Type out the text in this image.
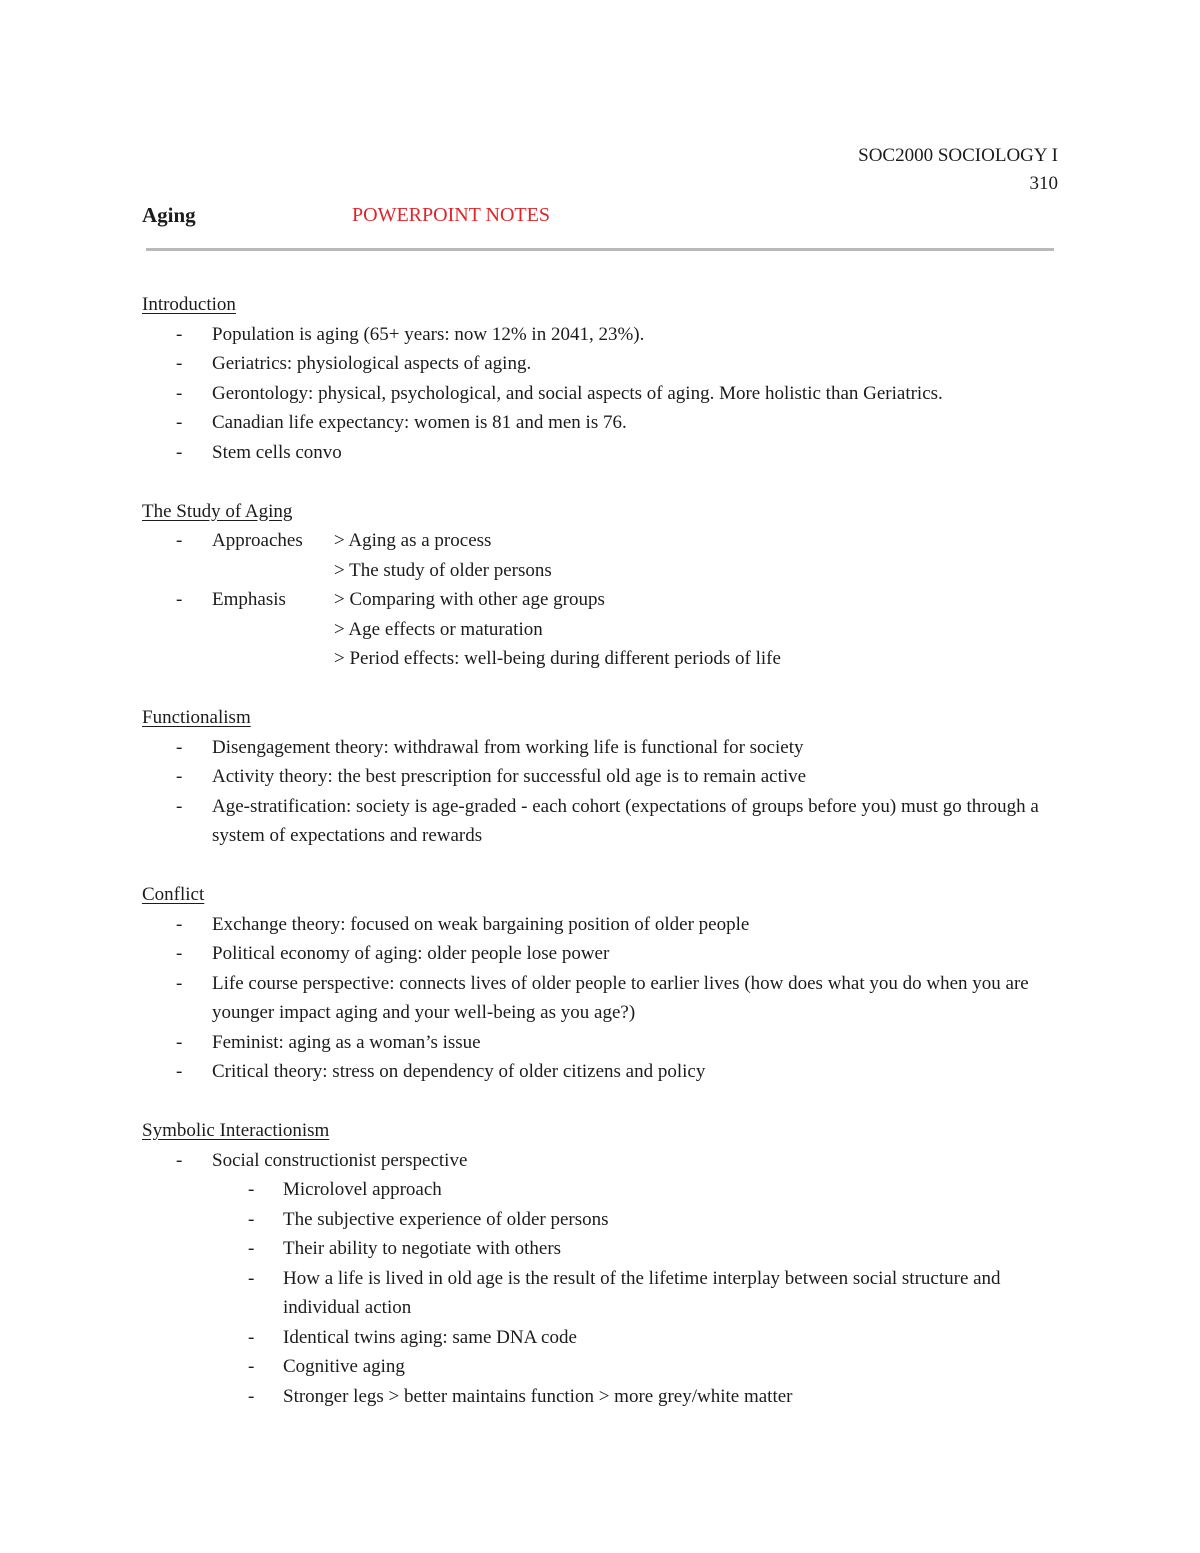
SOC2000 SOCIOLOGY I
310
Aging	POWERPOINT NOTES
Introduction
- Population is aging (65+ years: now 12% in 2041, 23%).
- Geriatrics: physiological aspects of aging.
- Gerontology: physical, psychological, and social aspects of aging. More holistic than Geriatrics.
- Canadian life expectancy: women is 81 and men is 76.
- Stem cells convo
The Study of Aging
- Approaches	> Aging as a process
> The study of older persons
- Emphasis	> Comparing with other age groups
> Age effects or maturation
> Period effects: well-being during different periods of life
Functionalism
- Disengagement theory: withdrawal from working life is functional for society
- Activity theory: the best prescription for successful old age is to remain active
- Age-stratification: society is age-graded - each cohort (expectations of groups before you) must go through a system of expectations and rewards
Conflict
- Exchange theory: focused on weak bargaining position of older people
- Political economy of aging: older people lose power
- Life course perspective: connects lives of older people to earlier lives (how does what you do when you are younger impact aging and your well-being as you age?)
- Feminist: aging as a woman’s issue
- Critical theory: stress on dependency of older citizens and policy
Symbolic Interactionism
- Social constructionist perspective
- Microlovel approach
- The subjective experience of older persons
- Their ability to negotiate with others
- How a life is lived in old age is the result of the lifetime interplay between social structure and individual action
- Identical twins aging: same DNA code
- Cognitive aging
- Stronger legs > better maintains function > more grey/white matter
